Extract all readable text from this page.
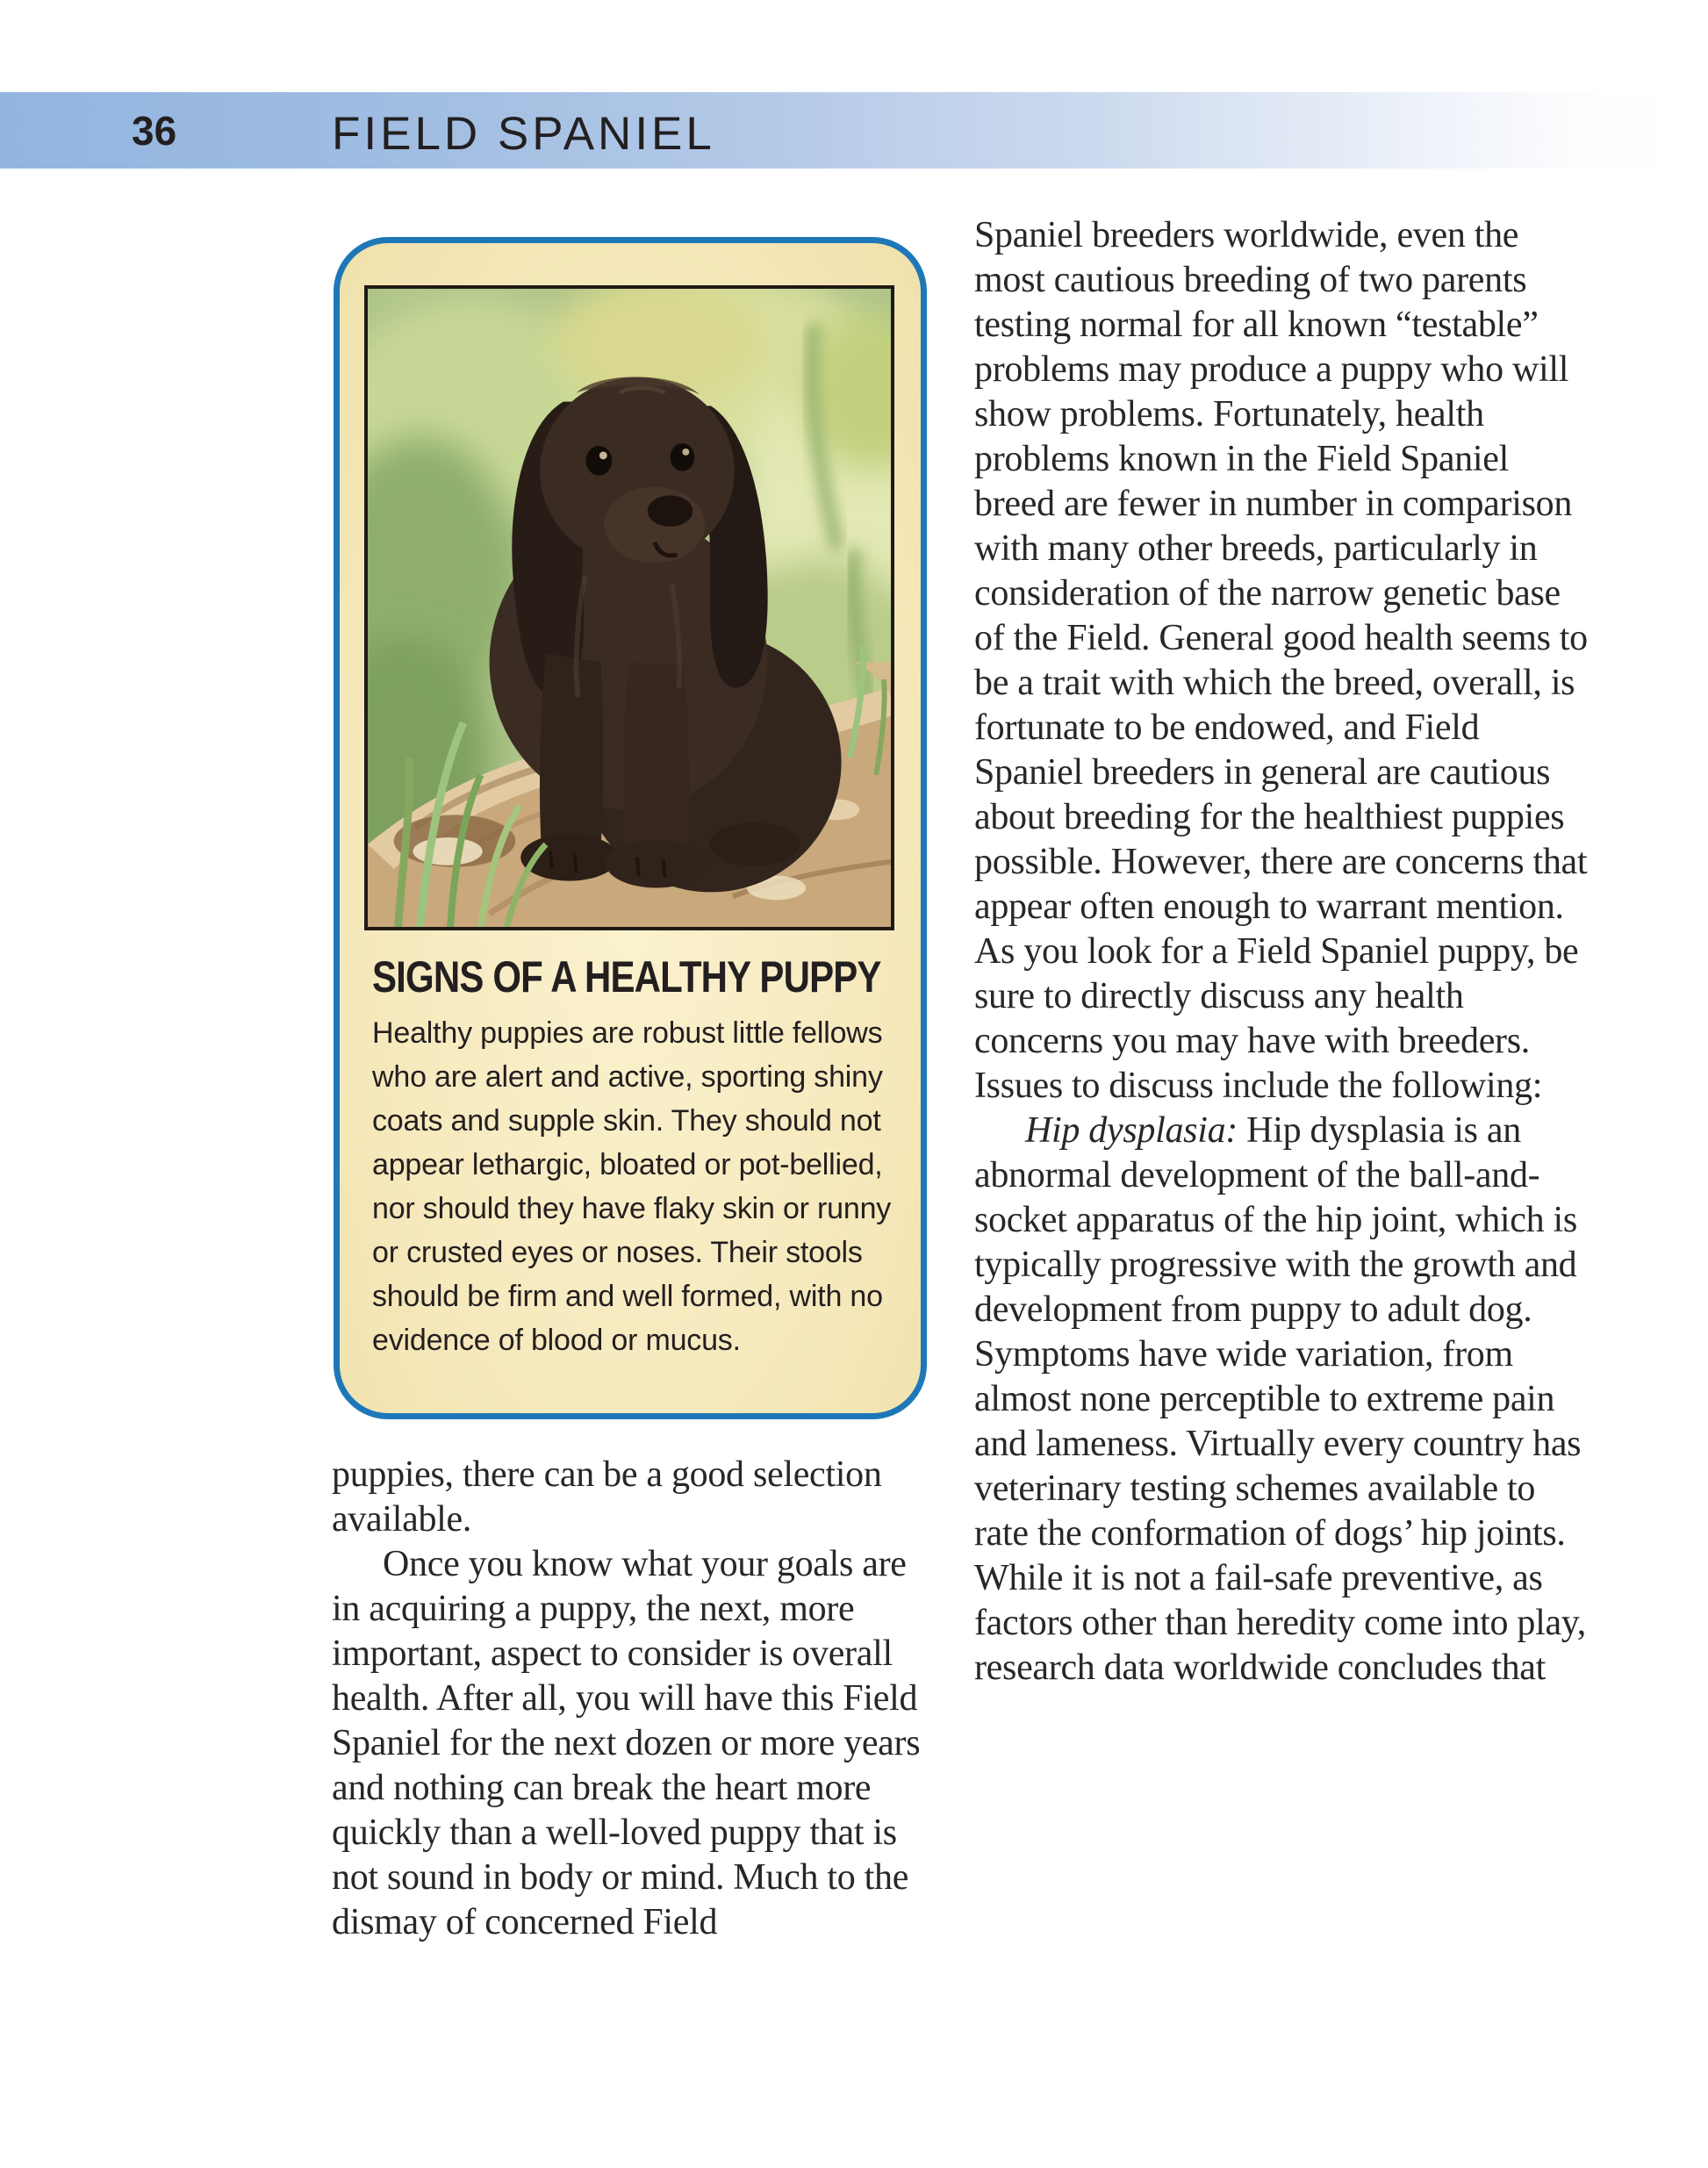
36	FIELD SPANIEL
SIGNS OF A HEALTHY PUPPY
Healthy puppies are robust little fellows who are alert and active, sporting shiny coats and supple skin. They should not appear lethargic, bloated or pot-bellied, nor should they have flaky skin or runny or crusted eyes or noses. Their stools should be firm and well formed, with no evidence of blood or mucus.

puppies, there can be a good selection available.

Once you know what your goals are in acquiring a puppy, the next, more important, aspect to consider is overall health. After all, you will have this Field Spaniel for the next dozen or more years and nothing can break the heart more quickly than a well-loved puppy that is not sound in body or mind. Much to the dismay of concerned Field

Spaniel breeders worldwide, even the most cautious breeding of two parents testing normal for all known “testable” problems may produce a puppy who will show problems. Fortunately, health problems known in the Field Spaniel breed are fewer in number in comparison with many other breeds, particularly in consideration of the narrow genetic base of the Field. General good health seems to be a trait with which the breed, overall, is fortunate to be endowed, and Field Spaniel breeders in general are cautious about breeding for the healthiest puppies possible. However, there are concerns that appear often enough to warrant mention. As you look for a Field Spaniel puppy, be sure to directly discuss any health concerns you may have with breeders. Issues to discuss include the following:

Hip dysplasia: Hip dysplasia is an abnormal development of the ball-and-socket apparatus of the hip joint, which is typically progressive with the growth and development from puppy to adult dog. Symptoms have wide variation, from almost none perceptible to extreme pain and lameness. Virtually every country has veterinary testing schemes available to rate the conformation of dogs’ hip joints. While it is not a fail-safe preventive, as factors other than heredity come into play, research data worldwide concludes that
